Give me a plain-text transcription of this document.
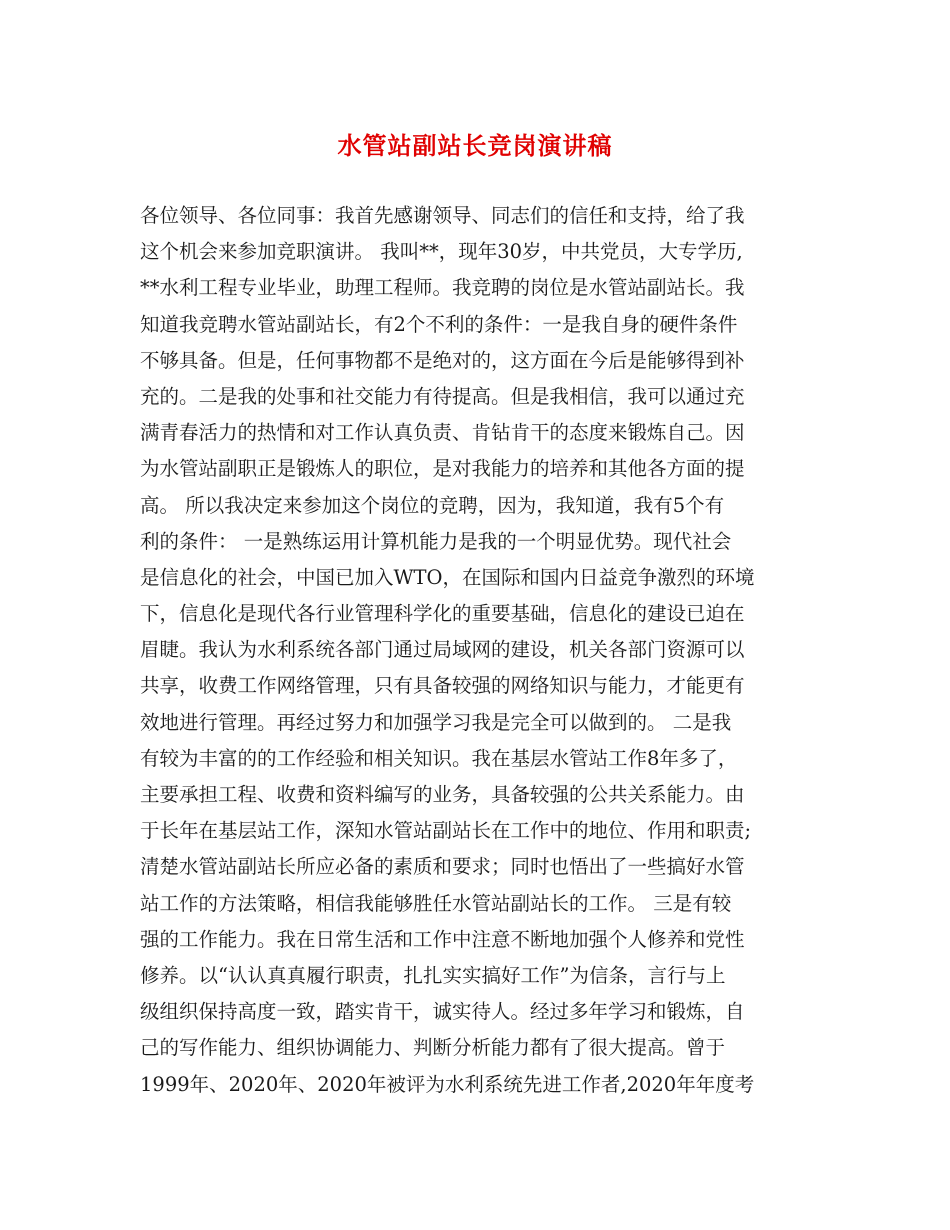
水管站副站长竞岗演讲稿
各位领导、各位同事：我首先感谢领导、同志们的信任和支持，给了我
这个机会来参加竞职演讲。 我叫**，现年30岁，中共党员，大专学历,
**水利工程专业毕业，助理工程师。我竞聘的岗位是水管站副站长。我
知道我竞聘水管站副站长，有2个不利的条件：一是我自身的硬件条件
不够具备。但是，任何事物都不是绝对的，这方面在今后是能够得到补
充的。二是我的处事和社交能力有待提高。但是我相信，我可以通过充
满青春活力的热情和对工作认真负责、肯钻肯干的态度来锻炼自己。因
为水管站副职正是锻炼人的职位，是对我能力的培养和其他各方面的提
高。 所以我决定来参加这个岗位的竞聘，因为，我知道，我有5个有
利的条件： 一是熟练运用计算机能力是我的一个明显优势。现代社会
是信息化的社会，中国已加入WTO，在国际和国内日益竞争激烈的环境
下，信息化是现代各行业管理科学化的重要基础，信息化的建设已迫在
眉睫。我认为水利系统各部门通过局域网的建设，机关各部门资源可以
共享，收费工作网络管理，只有具备较强的网络知识与能力，才能更有
效地进行管理。再经过努力和加强学习我是完全可以做到的。 二是我
有较为丰富的的工作经验和相关知识。我在基层水管站工作8年多了，
主要承担工程、收费和资料编写的业务，具备较强的公共关系能力。由
于长年在基层站工作，深知水管站副站长在工作中的地位、作用和职责;
清楚水管站副站长所应必备的素质和要求；同时也悟出了一些搞好水管
站工作的方法策略，相信我能够胜任水管站副站长的工作。 三是有较
强的工作能力。我在日常生活和工作中注意不断地加强个人修养和党性
修养。以“认认真真履行职责，扎扎实实搞好工作”为信条，言行与上
级组织保持高度一致，踏实肯干，诚实待人。经过多年学习和锻炼，自
己的写作能力、组织协调能力、判断分析能力都有了很大提高。曾于
1999年、2020年、2020年被评为水利系统先进工作者,2020年年度考
